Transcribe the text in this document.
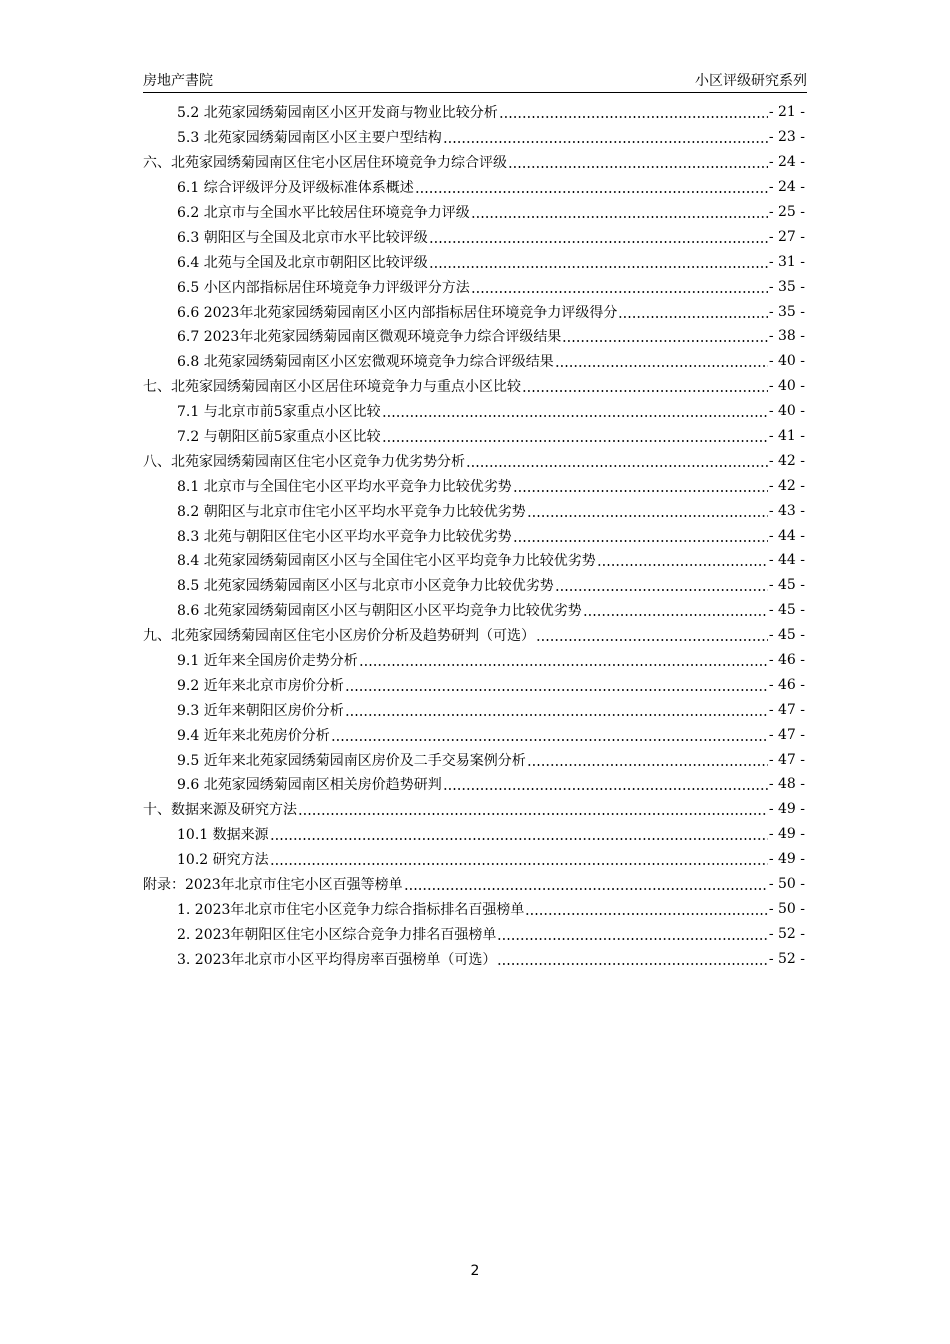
房地产書院	小区评级研究系列
5.2 北苑家园绣菊园南区小区开发商与物业比较分析	- 21 -
5.3 北苑家园绣菊园南区小区主要户型结构	- 23 -
六、北苑家园绣菊园南区住宅小区居住环境竞争力综合评级	- 24 -
6.1 综合评级评分及评级标准体系概述	- 24 -
6.2 北京市与全国水平比较居住环境竞争力评级	- 25 -
6.3 朝阳区与全国及北京市水平比较评级	- 27 -
6.4 北苑与全国及北京市朝阳区比较评级	- 31 -
6.5 小区内部指标居住环境竞争力评级评分方法	- 35 -
6.6 2023年北苑家园绣菊园南区小区内部指标居住环境竞争力评级得分	- 35 -
6.7 2023年北苑家园绣菊园南区微观环境竞争力综合评级结果	- 38 -
6.8 北苑家园绣菊园南区小区宏微观环境竞争力综合评级结果	- 40 -
七、北苑家园绣菊园南区小区居住环境竞争力与重点小区比较	- 40 -
7.1 与北京市前5家重点小区比较	- 40 -
7.2 与朝阳区前5家重点小区比较	- 41 -
八、北苑家园绣菊园南区住宅小区竞争力优劣势分析	- 42 -
8.1 北京市与全国住宅小区平均水平竞争力比较优劣势	- 42 -
8.2 朝阳区与北京市住宅小区平均水平竞争力比较优劣势	- 43 -
8.3 北苑与朝阳区住宅小区平均水平竞争力比较优劣势	- 44 -
8.4 北苑家园绣菊园南区小区与全国住宅小区平均竞争力比较优劣势	- 44 -
8.5 北苑家园绣菊园南区小区与北京市小区竞争力比较优劣势	- 45 -
8.6 北苑家园绣菊园南区小区与朝阳区小区平均竞争力比较优劣势	- 45 -
九、北苑家园绣菊园南区住宅小区房价分析及趋势研判（可选）	- 45 -
9.1 近年来全国房价走势分析	- 46 -
9.2 近年来北京市房价分析	- 46 -
9.3 近年来朝阳区房价分析	- 47 -
9.4 近年来北苑房价分析	- 47 -
9.5 近年来北苑家园绣菊园南区房价及二手交易案例分析	- 47 -
9.6 北苑家园绣菊园南区相关房价趋势研判	- 48 -
十、数据来源及研究方法	- 49 -
10.1 数据来源	- 49 -
10.2 研究方法	- 49 -
附录：2023年北京市住宅小区百强等榜单	- 50 -
1. 2023年北京市住宅小区竞争力综合指标排名百强榜单	- 50 -
2. 2023年朝阳区住宅小区综合竞争力排名百强榜单	- 52 -
3. 2023年北京市小区平均得房率百强榜单（可选）	- 52 -
2
